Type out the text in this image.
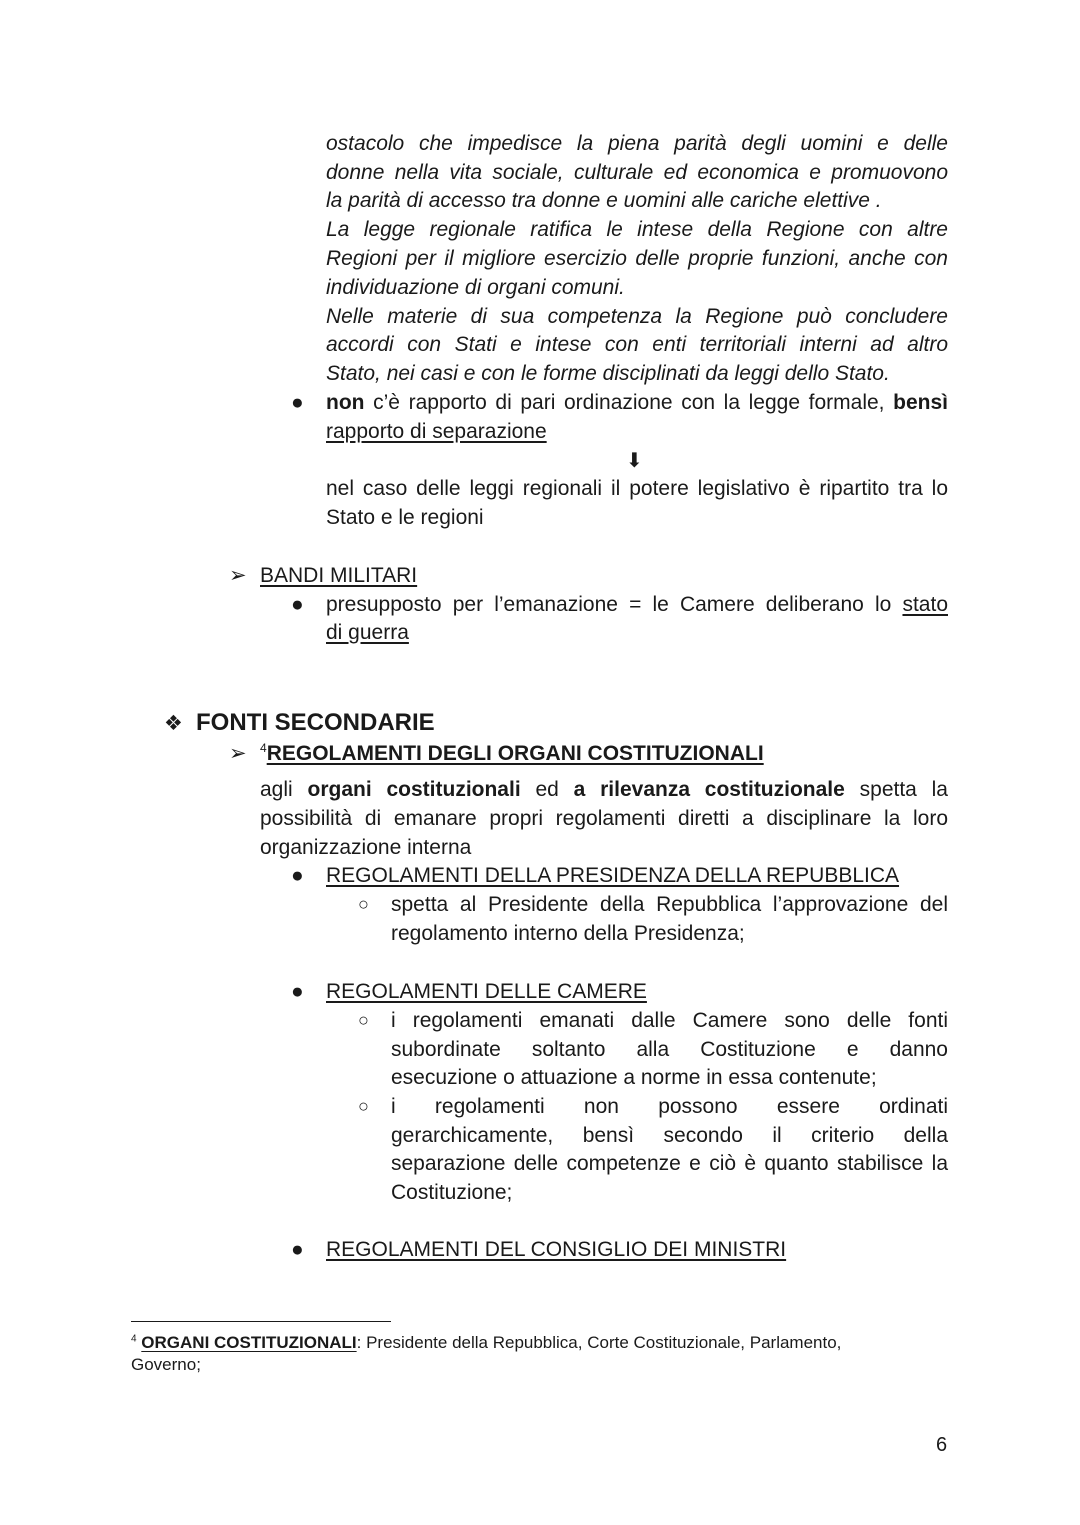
ostacolo che impedisce la piena parità degli uomini e delle
donne nella vita sociale, culturale ed economica e promuovono
la parità di accesso tra donne e uomini alle cariche elettive .
La legge regionale ratifica le intese della Regione con altre
Regioni per il migliore esercizio delle proprie funzioni, anche con
individuazione di organi comuni.
Nelle materie di sua competenza la Regione può concludere
accordi con Stati e intese con enti territoriali interni ad altro
Stato, nei casi e con le forme disciplinati da leggi dello Stato.
● non c’è rapporto di pari ordinazione con la legge formale, bensì
rapporto di separazione
⬇
nel caso delle leggi regionali il potere legislativo è ripartito tra lo
Stato e le regioni
➢ BANDI MILITARI
● presupposto per l’emanazione = le Camere deliberano lo stato
di guerra
❖ FONTI SECONDARIE
➢ $^4$REGOLAMENTI DEGLI ORGANI COSTITUZIONALI
agli organi costituzionali ed a rilevanza costituzionale spetta la
possibilità di emanare propri regolamenti diretti a disciplinare la loro
organizzazione interna
● REGOLAMENTI DELLA PRESIDENZA DELLA REPUBBLICA
○ spetta al Presidente della Repubblica l’approvazione del
regolamento interno della Presidenza;
● REGOLAMENTI DELLE CAMERE
○ i regolamenti emanati dalle Camere sono delle fonti
subordinate soltanto alla Costituzione e danno
esecuzione o attuazione a norme in essa contenute;
○ i regolamenti non possono essere ordinati
gerarchicamente, bensì secondo il criterio della
separazione delle competenze e ciò è quanto stabilisce la
Costituzione;
● REGOLAMENTI DEL CONSIGLIO DEI MINISTRI
$^4$ ORGANI COSTITUZIONALI: Presidente della Repubblica, Corte Costituzionale, Parlamento,
Governo;
6
